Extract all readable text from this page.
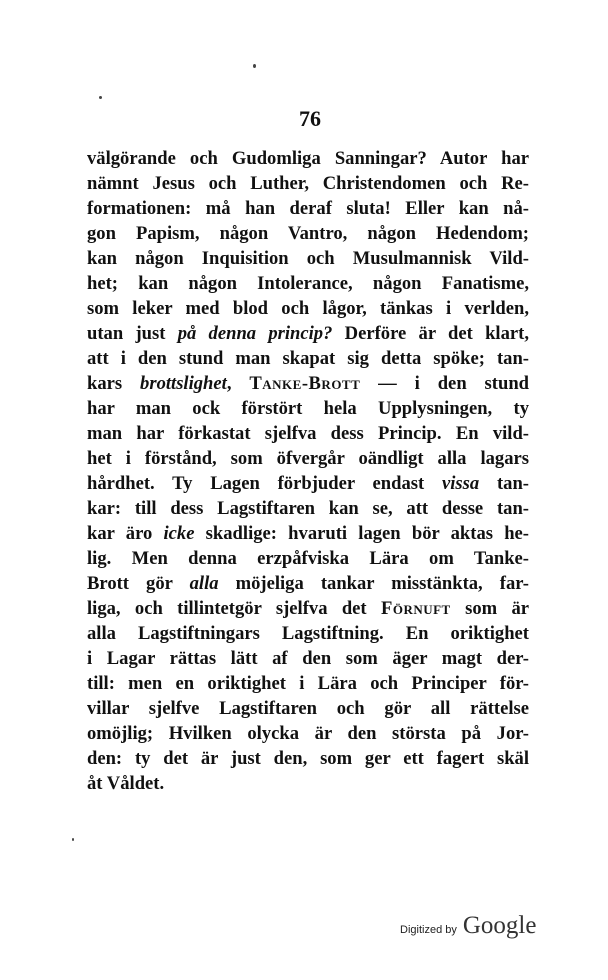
76
välgörande och Gudomliga Sanningar? Autor har
nämnt Jesus och Luther, Christendomen och Re-
formationen: må han deraf sluta! Eller kan nå-
gon Papism, någon Vantro, någon Hedendom;
kan någon Inquisition och Musulmannisk Vild-
het; kan någon Intolerance, någon Fanatisme,
som leker med blod och lågor, tänkas i verlden,
utan just på denna princip? Derföre är det klart,
att i den stund man skapat sig detta spöke; tan-
kars brottslighet, Tanke-Brott — i den stund
har man ock förstört hela Upplysningen, ty
man har förkastat sjelfva dess Princip. En vild-
het i förstånd, som öfvergår oändligt alla lagars
hårdhet. Ty Lagen förbjuder endast vissa tan-
kar: till dess Lagstiftaren kan se, att desse tan-
kar äro icke skadlige: hvaruti lagen bör aktas he-
lig. Men denna erzpåfviska Lära om Tanke-
Brott gör alla möjeliga tankar misstänkta, far-
liga, och tillintetgör sjelfva det Förnuft som är
alla Lagstiftningars Lagstiftning. En oriktighet
i Lagar rättas lätt af den som äger magt der-
till: men en oriktighet i Lära och Principer för-
villar sjelfve Lagstiftaren och gör all rättelse
omöjlig; Hvilken olycka är den största på Jor-
den: ty det är just den, som ger ett fagert skäl
åt Våldet.
Digitized by Google
